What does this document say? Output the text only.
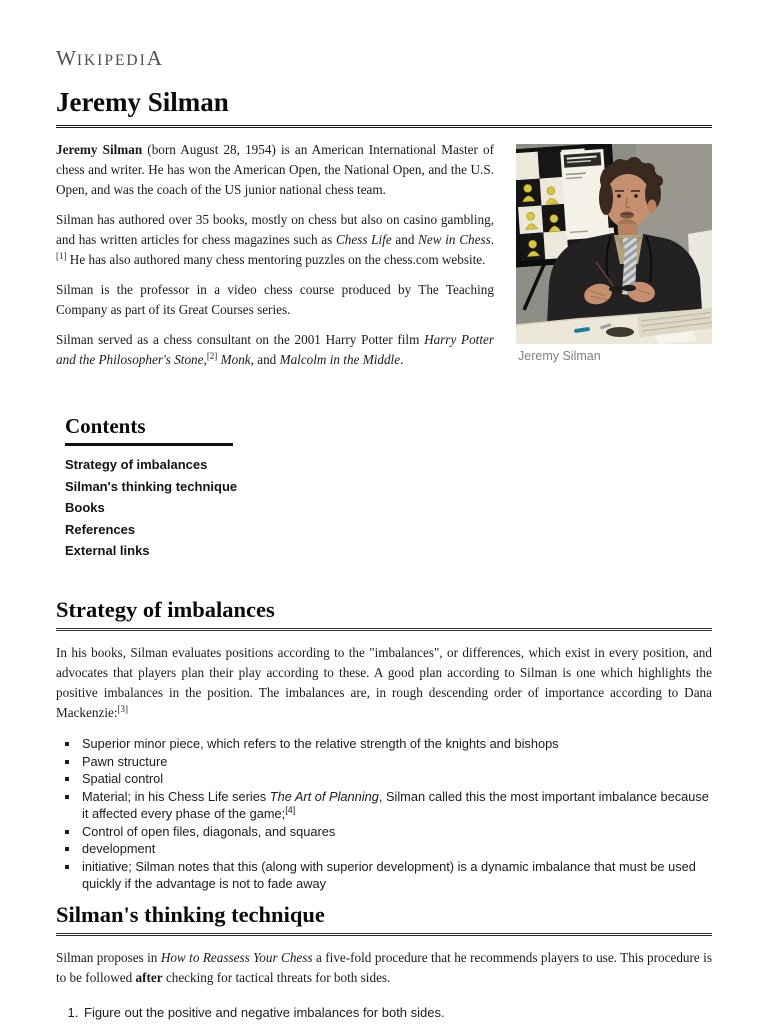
WIKIPEDIA
Jeremy Silman
Jeremy Silman

Jeremy Silman (born August 28, 1954) is an American International Master of chess and writer. He has won the American Open, the National Open, and the U.S. Open, and was the coach of the US junior national chess team.

Silman has authored over 35 books, mostly on chess but also on casino gambling, and has written articles for chess magazines such as Chess Life and New in Chess.[1] He has also authored many chess mentoring puzzles on the chess.com website.

Silman is the professor in a video chess course produced by The Teaching Company as part of its Great Courses series.

Silman served as a chess consultant on the 2001 Harry Potter film Harry Potter and the Philosopher's Stone,[2] Monk, and Malcolm in the Middle.

Contents
Strategy of imbalances
Silman's thinking technique
Books
References
External links
Strategy of imbalances

In his books, Silman evaluates positions according to the "imbalances", or differences, which exist in every position, and advocates that players plan their play according to these. A good plan according to Silman is one which highlights the positive imbalances in the position. The imbalances are, in rough descending order of importance according to Dana Mackenzie:[3]

▪ Superior minor piece, which refers to the relative strength of the knights and bishops
▪ Pawn structure
▪ Spatial control
▪ Material; in his Chess Life series The Art of Planning, Silman called this the most important imbalance because it affected every phase of the game;[4]
▪ Control of open files, diagonals, and squares
▪ development
▪ initiative; Silman notes that this (along with superior development) is a dynamic imbalance that must be used quickly if the advantage is not to fade away
Silman's thinking technique

Silman proposes in How to Reassess Your Chess a five-fold procedure that he recommends players to use. This procedure is to be followed after checking for tactical threats for both sides.

1. Figure out the positive and negative imbalances for both sides.
